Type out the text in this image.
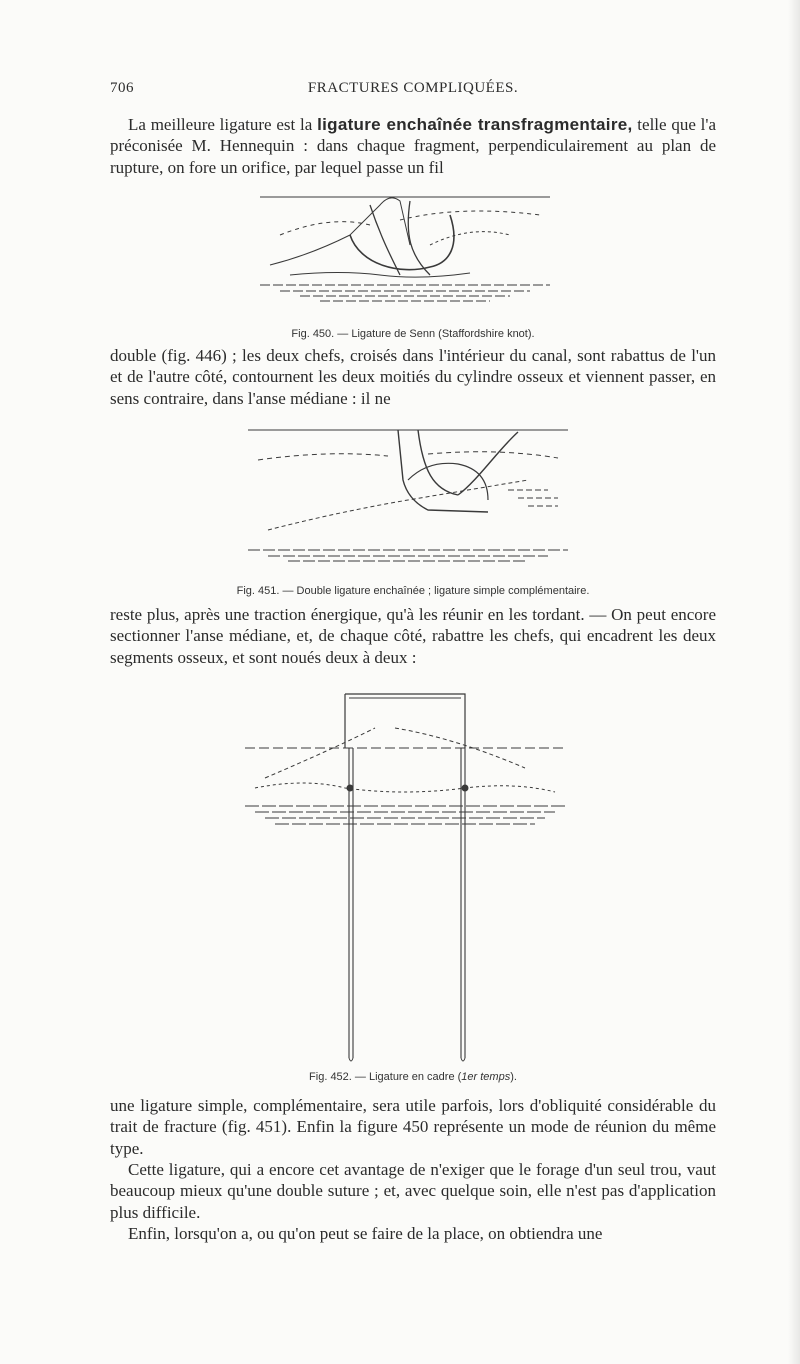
706	FRACTURES COMPLIQUÉES.
La meilleure ligature est la ligature enchaînée transfragmentaire, telle que l'a préconisée M. Hennequin : dans chaque fragment, perpendiculairement au plan de rupture, on fore un orifice, par lequel passe un fil
Fig. 450. — Ligature de Senn (Staffordshire knot).
double (fig. 446) ; les deux chefs, croisés dans l'intérieur du canal, sont rabattus de l'un et de l'autre côté, contournent les deux moitiés du cylindre osseux et viennent passer, en sens contraire, dans l'anse médiane : il ne
Fig. 451. — Double ligature enchaînée ; ligature simple complémentaire.
reste plus, après une traction énergique, qu'à les réunir en les tordant. — On peut encore sectionner l'anse médiane, et, de chaque côté, rabattre les chefs, qui encadrent les deux segments osseux, et sont noués deux à deux :
Fig. 452. — Ligature en cadre (1er temps).
une ligature simple, complémentaire, sera utile parfois, lors d'obliquité considérable du trait de fracture (fig. 451). Enfin la figure 450 représente un mode de réunion du même type.
Cette ligature, qui a encore cet avantage de n'exiger que le forage d'un seul trou, vaut beaucoup mieux qu'une double suture ; et, avec quelque soin, elle n'est pas d'application plus difficile.
Enfin, lorsqu'on a, ou qu'on peut se faire de la place, on obtiendra une
